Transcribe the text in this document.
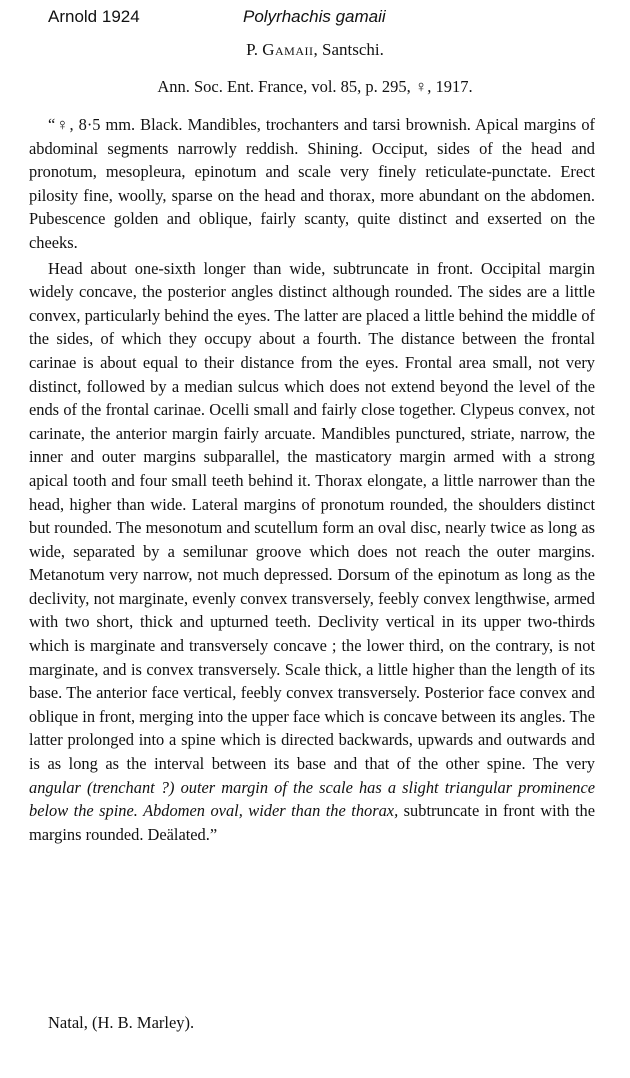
Arnold 1924	Polyrhachis gamaii
P. Gamaii, Santschi.
Ann. Soc. Ent. France, vol. 85, p. 295, ♀, 1917.

“♀, 8·5 mm. Black. Mandibles, trochanters and tarsi brownish. Apical margins of abdominal segments narrowly reddish. Shining. Occiput, sides of the head and pronotum, mesopleura, epinotum and scale very finely reticulate-punctate. Erect pilosity fine, woolly, sparse on the head and thorax, more abundant on the abdomen. Pubescence golden and oblique, fairly scanty, quite distinct and exserted on the cheeks.

Head about one-sixth longer than wide, subtruncate in front. Occipital margin widely concave, the posterior angles distinct although rounded. The sides are a little convex, particularly behind the eyes. The latter are placed a little behind the middle of the sides, of which they occupy about a fourth. The distance between the frontal carinae is about equal to their distance from the eyes. Frontal area small, not very distinct, followed by a median sulcus which does not extend beyond the level of the ends of the frontal carinae. Ocelli small and fairly close together. Clypeus convex, not carinate, the anterior margin fairly arcuate. Mandibles punctured, striate, narrow, the inner and outer margins subparallel, the masticatory margin armed with a strong apical tooth and four small teeth behind it. Thorax elongate, a little narrower than the head, higher than wide. Lateral margins of pronotum rounded, the shoulders distinct but rounded. The mesonotum and scutellum form an oval disc, nearly twice as long as wide, separated by a semilunar groove which does not reach the outer margins. Metanotum very narrow, not much depressed. Dorsum of the epinotum as long as the declivity, not marginate, evenly convex transversely, feebly convex lengthwise, armed with two short, thick and upturned teeth. Declivity vertical in its upper two-thirds which is marginate and transversely concave ; the lower third, on the contrary, is not marginate, and is convex transversely. Scale thick, a little higher than the length of its base. The anterior face vertical, feebly convex transversely. Posterior face convex and oblique in front, merging into the upper face which is concave between its angles. The latter prolonged into a spine which is directed backwards, upwards and outwards and is as long as the interval between its base and that of the other spine. The very angular (trenchant ?) outer margin of the scale has a slight triangular prominence below the spine. Abdomen oval, wider than the thorax, subtruncate in front with the margins rounded. Deälated.”

Natal, (H. B. Marley).
